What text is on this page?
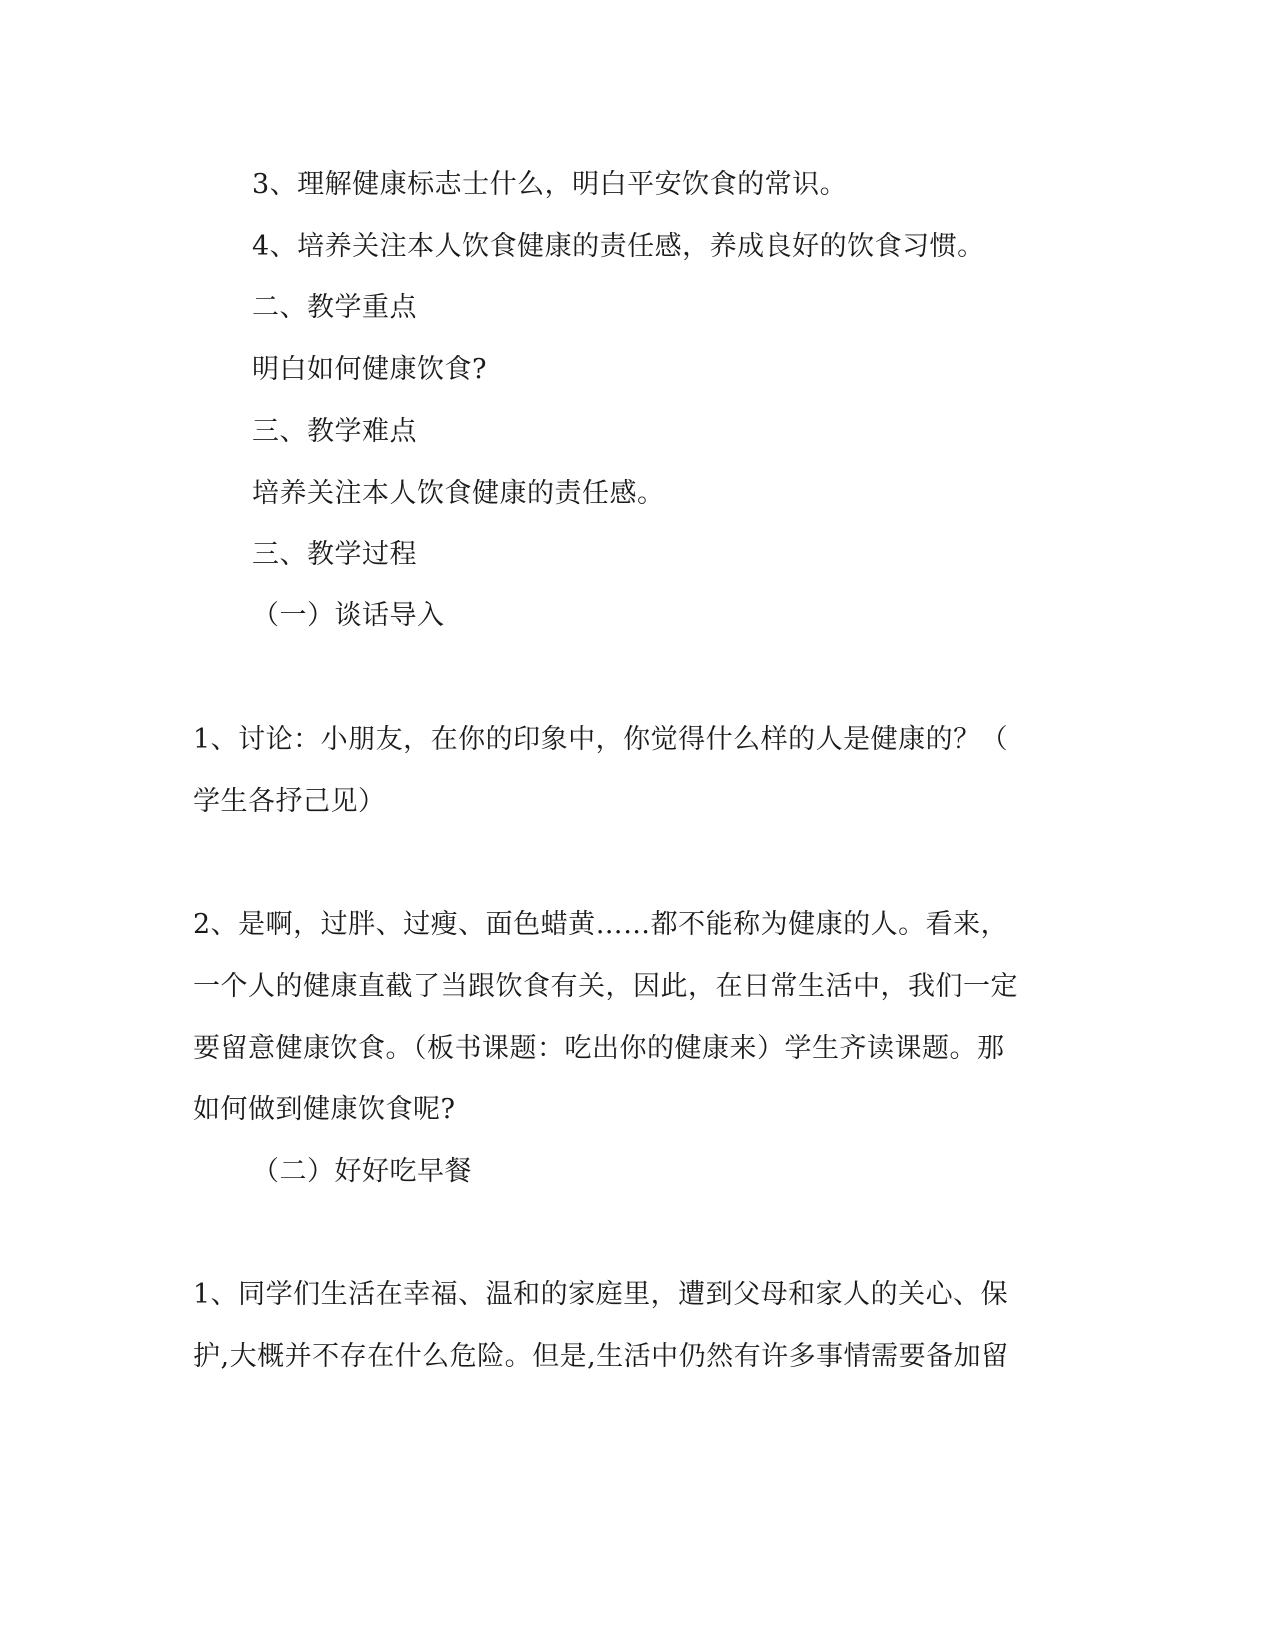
3、理解健康标志士什么，明白平安饮食的常识。
4、培养关注本人饮食健康的责任感，养成良好的饮食习惯。
二、教学重点
明白如何健康饮食?
三、教学难点
培养关注本人饮食健康的责任感。
三、教学过程
（一）谈话导入
1、讨论：小朋友，在你的印象中，你觉得什么样的人是健康的？（
学生各抒己见）
2、是啊，过胖、过瘦、面色蜡黄……都不能称为健康的人。看来，
一个人的健康直截了当跟饮食有关，因此，在日常生活中，我们一定
要留意健康饮食。（板书课题：吃出你的健康来）学生齐读课题。那
如何做到健康饮食呢?
（二）好好吃早餐
1、同学们生活在幸福、温和的家庭里，遭到父母和家人的关心、保
护,大概并不存在什么危险。但是,生活中仍然有许多事情需要备加留
